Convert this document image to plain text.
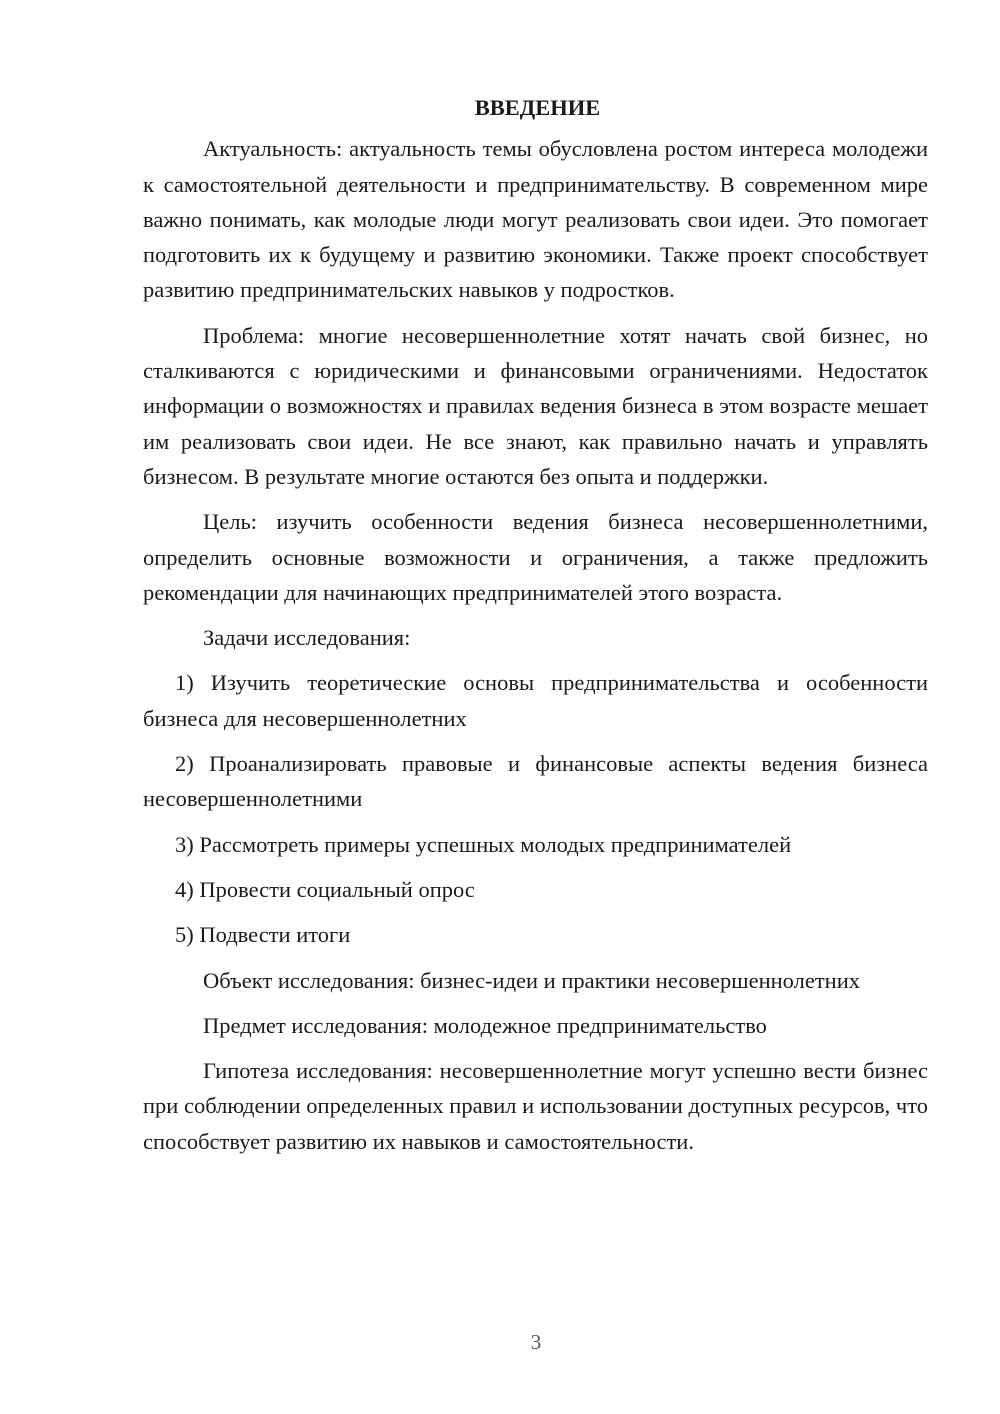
ВВЕДЕНИЕ

Актуальность: актуальность темы обусловлена ростом интереса молодежи к самостоятельной деятельности и предпринимательству. В современном мире важно понимать, как молодые люди могут реализовать свои идеи. Это помогает подготовить их к будущему и развитию экономики. Также проект способствует развитию предпринимательских навыков у подростков.

Проблема: многие несовершеннолетние хотят начать свой бизнес, но сталкиваются с юридическими и финансовыми ограничениями. Недостаток информации о возможностях и правилах ведения бизнеса в этом возрасте мешает им реализовать свои идеи. Не все знают, как правильно начать и управлять бизнесом. В результате многие остаются без опыта и поддержки.

Цель: изучить особенности ведения бизнеса несовершеннолетними, определить основные возможности и ограничения, а также предложить рекомендации для начинающих предпринимателей этого возраста.

Задачи исследования:

1) Изучить теоретические основы предпринимательства и особенности бизнеса для несовершеннолетних

2) Проанализировать правовые и финансовые аспекты ведения бизнеса несовершеннолетними

3) Рассмотреть примеры успешных молодых предпринимателей

4) Провести социальный опрос

5) Подвести итоги

Объект исследования: бизнес-идеи и практики несовершеннолетних

Предмет исследования: молодежное предпринимательство

Гипотеза исследования: несовершеннолетние могут успешно вести бизнес при соблюдении определенных правил и использовании доступных ресурсов, что способствует развитию их навыков и самостоятельности.

3
